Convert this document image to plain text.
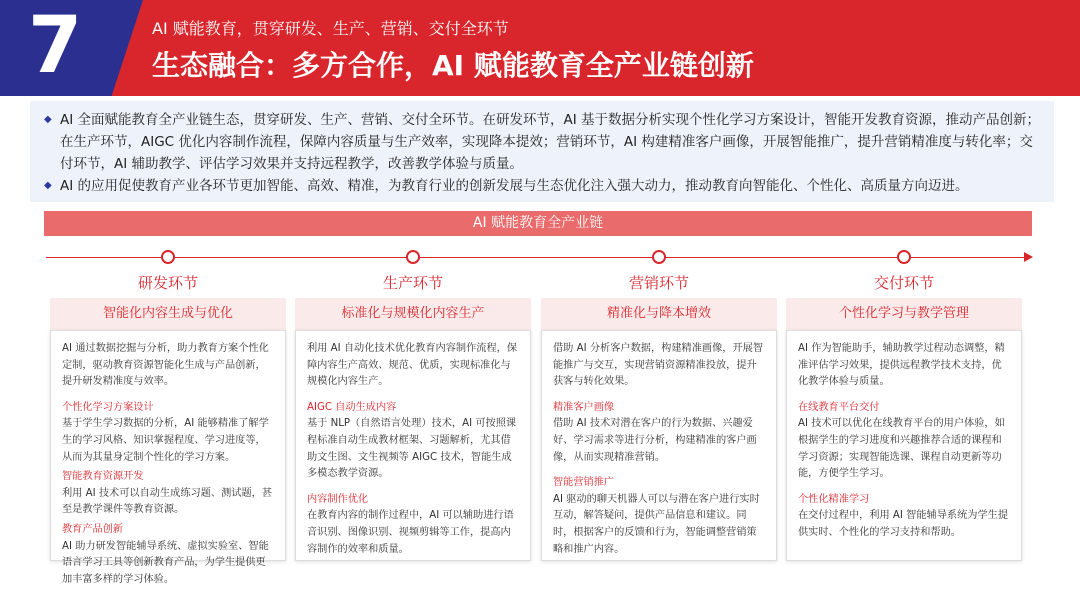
7	AI 赋能教育，贯穿研发、生产、营销、交付全环节
生态融合：多方合作，AI 赋能教育全产业链创新
◆ AI 全面赋能教育全产业链生态，贯穿研发、生产、营销、交付全环节。在研发环节，AI 基于数据分析实现个性化学习方案设计，智能开发教育资源，推动产品创新；在生产环节，AIGC 优化内容制作流程，保障内容质量与生产效率，实现降本提效；营销环节，AI 构建精准客户画像，开展智能推广，提升营销精准度与转化率；交付环节，AI 辅助教学、评估学习效果并支持远程教学，改善教学体验与质量。
◆ AI 的应用促使教育产业各环节更加智能、高效、精准，为教育行业的创新发展与生态优化注入强大动力，推动教育向智能化、个性化、高质量方向迈进。
AI 赋能教育全产业链
研发环节	生产环节	营销环节	交付环节
智能化内容生成与优化	标准化与规模化内容生产	精准化与降本增效	个性化学习与教学管理

AI 通过数据挖掘与分析，助力教育方案个性化定制，驱动教育资源智能化生成与产品创新，提升研发精准度与效率。

个性化学习方案设计

基于学生学习数据的分析，AI 能够精准了解学生的学习风格、知识掌握程度、学习进度等，从而为其量身定制个性化的学习方案。

智能教育资源开发

利用 AI 技术可以自动生成练习题、测试题，甚至是教学课件等教育资源。

教育产品创新

AI 助力研发智能辅导系统、虚拟实验室、智能语言学习工具等创新教育产品，为学生提供更加丰富多样的学习体验。

利用 AI 自动化技术优化教育内容制作流程，保障内容生产高效、规范、优质，实现标准化与规模化内容生产。

AIGC 自动生成内容

基于 NLP（自然语言处理）技术，AI 可按照课程标准自动生成教材框架、习题解析，尤其借助文生图、文生视频等 AIGC 技术，智能生成多模态教学资源。

内容制作优化

在教育内容的制作过程中，AI 可以辅助进行语音识别、图像识别、视频剪辑等工作，提高内容制作的效率和质量。

借助 AI 分析客户数据，构建精准画像，开展智能推广与交互，实现营销资源精准投放，提升获客与转化效果。

精准客户画像

借助 AI 技术对潜在客户的行为数据、兴趣爱好、学习需求等进行分析，构建精准的客户画像，从而实现精准营销。

智能营销推广

AI 驱动的聊天机器人可以与潜在客户进行实时互动，解答疑问，提供产品信息和建议。同时，根据客户的反馈和行为，智能调整营销策略和推广内容。

AI 作为智能助手，辅助教学过程动态调整，精准评估学习效果，提供远程教学技术支持，优化教学体验与质量。

在线教育平台交付

AI 技术可以优化在线教育平台的用户体验，如根据学生的学习进度和兴趣推荐合适的课程和学习资源；实现智能选课、课程自动更新等功能，方便学生学习。

个性化精准学习

在交付过程中，利用 AI 智能辅导系统为学生提供实时、个性化的学习支持和帮助。
